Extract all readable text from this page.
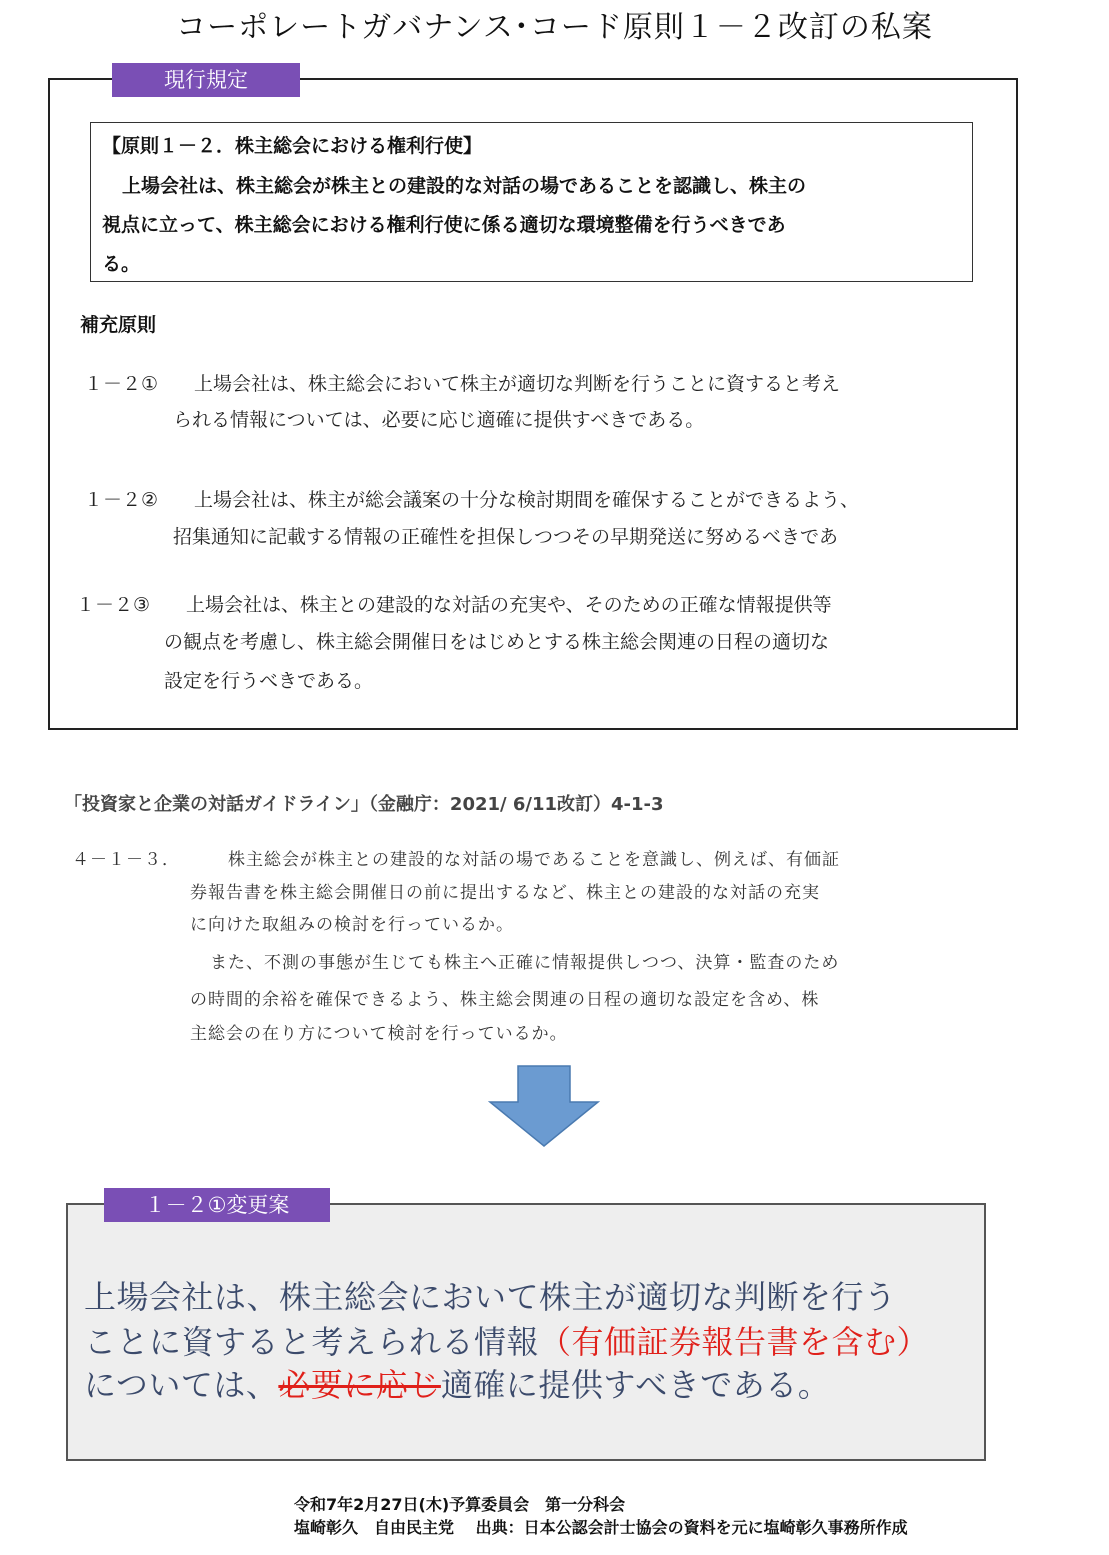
コーポレートガバナンス･コード原則１－２改訂の私案
現行規定
【原則１－２．株主総会における権利行使】
上場会社は、株主総会が株主との建設的な対話の場であることを認識し、株主の
視点に立って、株主総会における権利行使に係る適切な環境整備を行うべきであ
る。
補充原則
１－２① 上場会社は、株主総会において株主が適切な判断を行うことに資すると考え
られる情報については、必要に応じ適確に提供すべきである。
１－２② 上場会社は、株主が総会議案の十分な検討期間を確保することができるよう、
招集通知に記載する情報の正確性を担保しつつその早期発送に努めるべきであ
１－２③ 上場会社は、株主との建設的な対話の充実や、そのための正確な情報提供等
の観点を考慮し、株主総会開催日をはじめとする株主総会関連の日程の適切な
設定を行うべきである。
「投資家と企業の対話ガイドライン」（金融庁：2021/ 6/11改訂）4-1-3
４－１－３．	株主総会が株主との建設的な対話の場であることを意識し、例えば、有価証
券報告書を株主総会開催日の前に提出するなど、株主との建設的な対話の充実
に向けた取組みの検討を行っているか。
また、不測の事態が生じても株主へ正確に情報提供しつつ、決算・監査のため
の時間的余裕を確保できるよう、株主総会関連の日程の適切な設定を含め、株
主総会の在り方について検討を行っているか。
１－２①変更案
上場会社は、株主総会において株主が適切な判断を行う
ことに資すると考えられる情報（有価証券報告書を含む）
については、必要に応じ適確に提供すべきである。
令和7年2月27日(木)予算委員会　第一分科会
塩崎彰久　自由民主党　 出典：日本公認会計士協会の資料を元に塩崎彰久事務所作成
